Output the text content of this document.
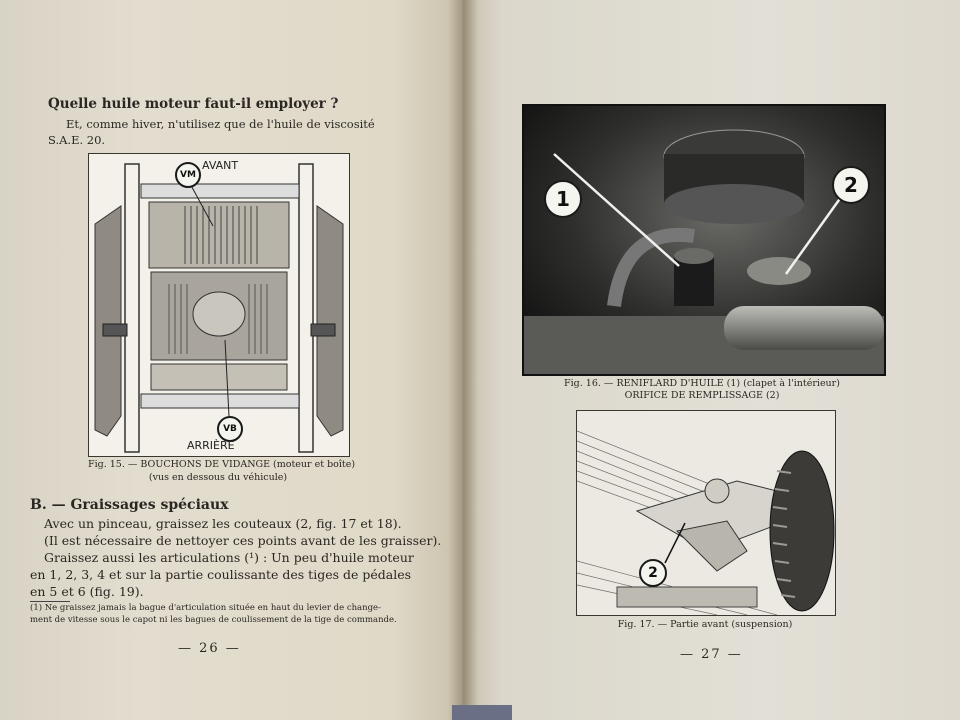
Quelle huile moteur faut-il employer ?
Et, comme hiver, n'utilisez que de l'huile de viscosité
S.A.E. 20.
VM
AVANT
VB
ARRIÈRE
Fig. 15. — BOUCHONS DE VIDANGE (moteur et boîte)
(vus en dessous du véhicule)
B. — Graissages spéciaux
Avec un pinceau, graissez les couteaux (2, fig. 17 et 18).
(Il est nécessaire de nettoyer ces points avant de les graisser).
Graissez aussi les articulations (¹) : Un peu d'huile moteur
en 1, 2, 3, 4 et sur la partie coulissante des tiges de pédales
en 5 et 6 (fig. 19).
(1) Ne graissez jamais la bague d'articulation située en haut du levier de change-
ment de vitesse sous le capot ni les bagues de coulissement de la tige de commande.
— 26 —
1
2
Fig. 16. — RENIFLARD D'HUILE (1) (clapet à l'intérieur)
ORIFICE DE REMPLISSAGE (2)
2
Fig. 17. — Partie avant (suspension)
— 27 —
